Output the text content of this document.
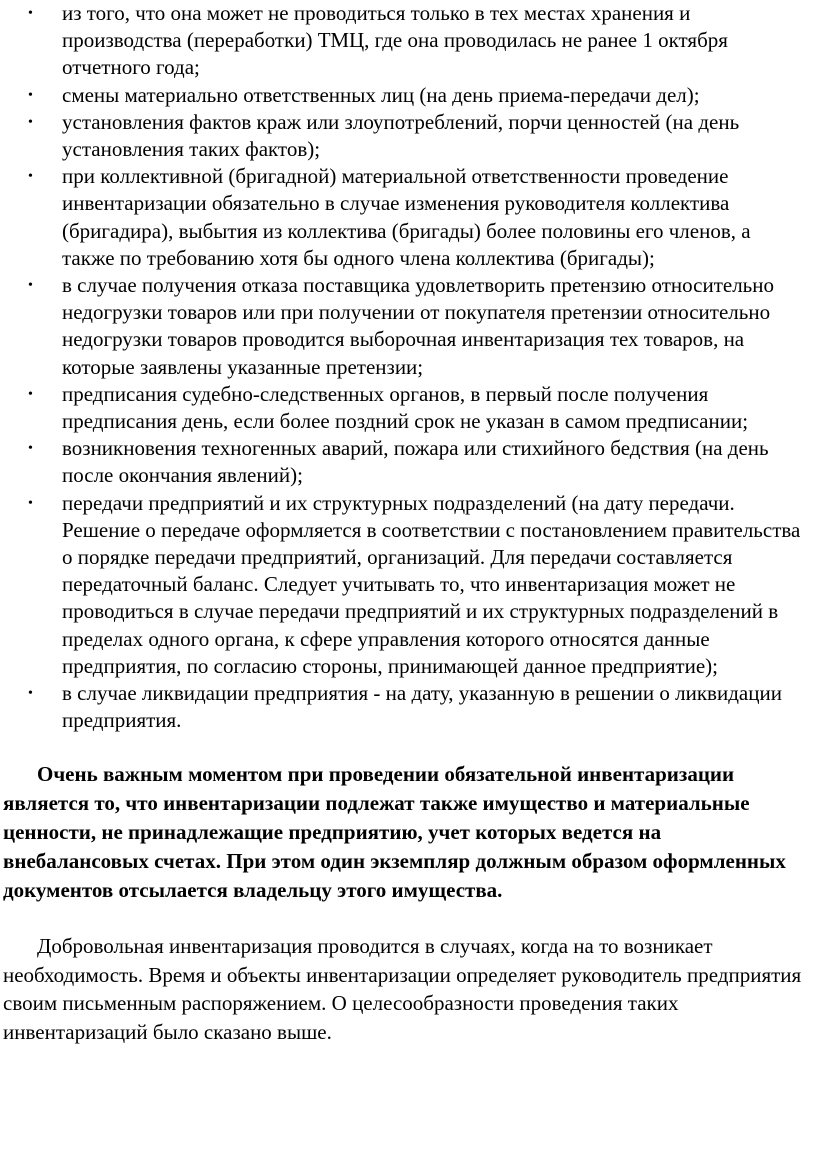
• из того, что она может не проводиться только в тех местах хранения и производства (переработки) ТМЦ, где она проводилась не ранее 1 октября отчетного года;
• смены материально ответственных лиц (на день приема-передачи дел);
• установления фактов краж или злоупотреблений, порчи ценностей (на день установления таких фактов);
• при коллективной (бригадной) материальной ответственности проведение инвентаризации обязательно в случае изменения руководителя коллектива (бригадира), выбытия из коллектива (бригады) более половины его членов, а также по требованию хотя бы одного члена коллектива (бригады);
• в случае получения отказа поставщика удовлетворить претензию относительно недогрузки товаров или при получении от покупателя претензии относительно недогрузки товаров проводится выборочная инвентаризация тех товаров, на которые заявлены указанные претензии;
• предписания судебно-следственных органов, в первый после получения предписания день, если более поздний срок не указан в самом предписании;
• возникновения техногенных аварий, пожара или стихийного бедствия (на день после окончания явлений);
• передачи предприятий и их структурных подразделений (на дату передачи. Решение о передаче оформляется в соответствии с постановлением правительства о порядке передачи предприятий, организаций. Для передачи составляется передаточный баланс. Следует учитывать то, что инвентаризация может не проводиться в случае передачи предприятий и их структурных подразделений в пределах одного органа, к сфере управления которого относятся данные предприятия, по согласию стороны, принимающей данное предприятие);
• в случае ликвидации предприятия - на дату, указанную в решении о ликвидации предприятия.

Очень важным моментом при проведении обязательной инвентаризации является то, что инвентаризации подлежат также имущество и материальные ценности, не принадлежащие предприятию, учет которых ведется на внебалансовых счетах. При этом один экземпляр должным образом оформленных документов отсылается владельцу этого имущества.

Добровольная инвентаризация проводится в случаях, когда на то возникает необходимость. Время и объекты инвентаризации определяет руководитель предприятия своим письменным распоряжением. О целесообразности проведения таких инвентаризаций было сказано выше.
